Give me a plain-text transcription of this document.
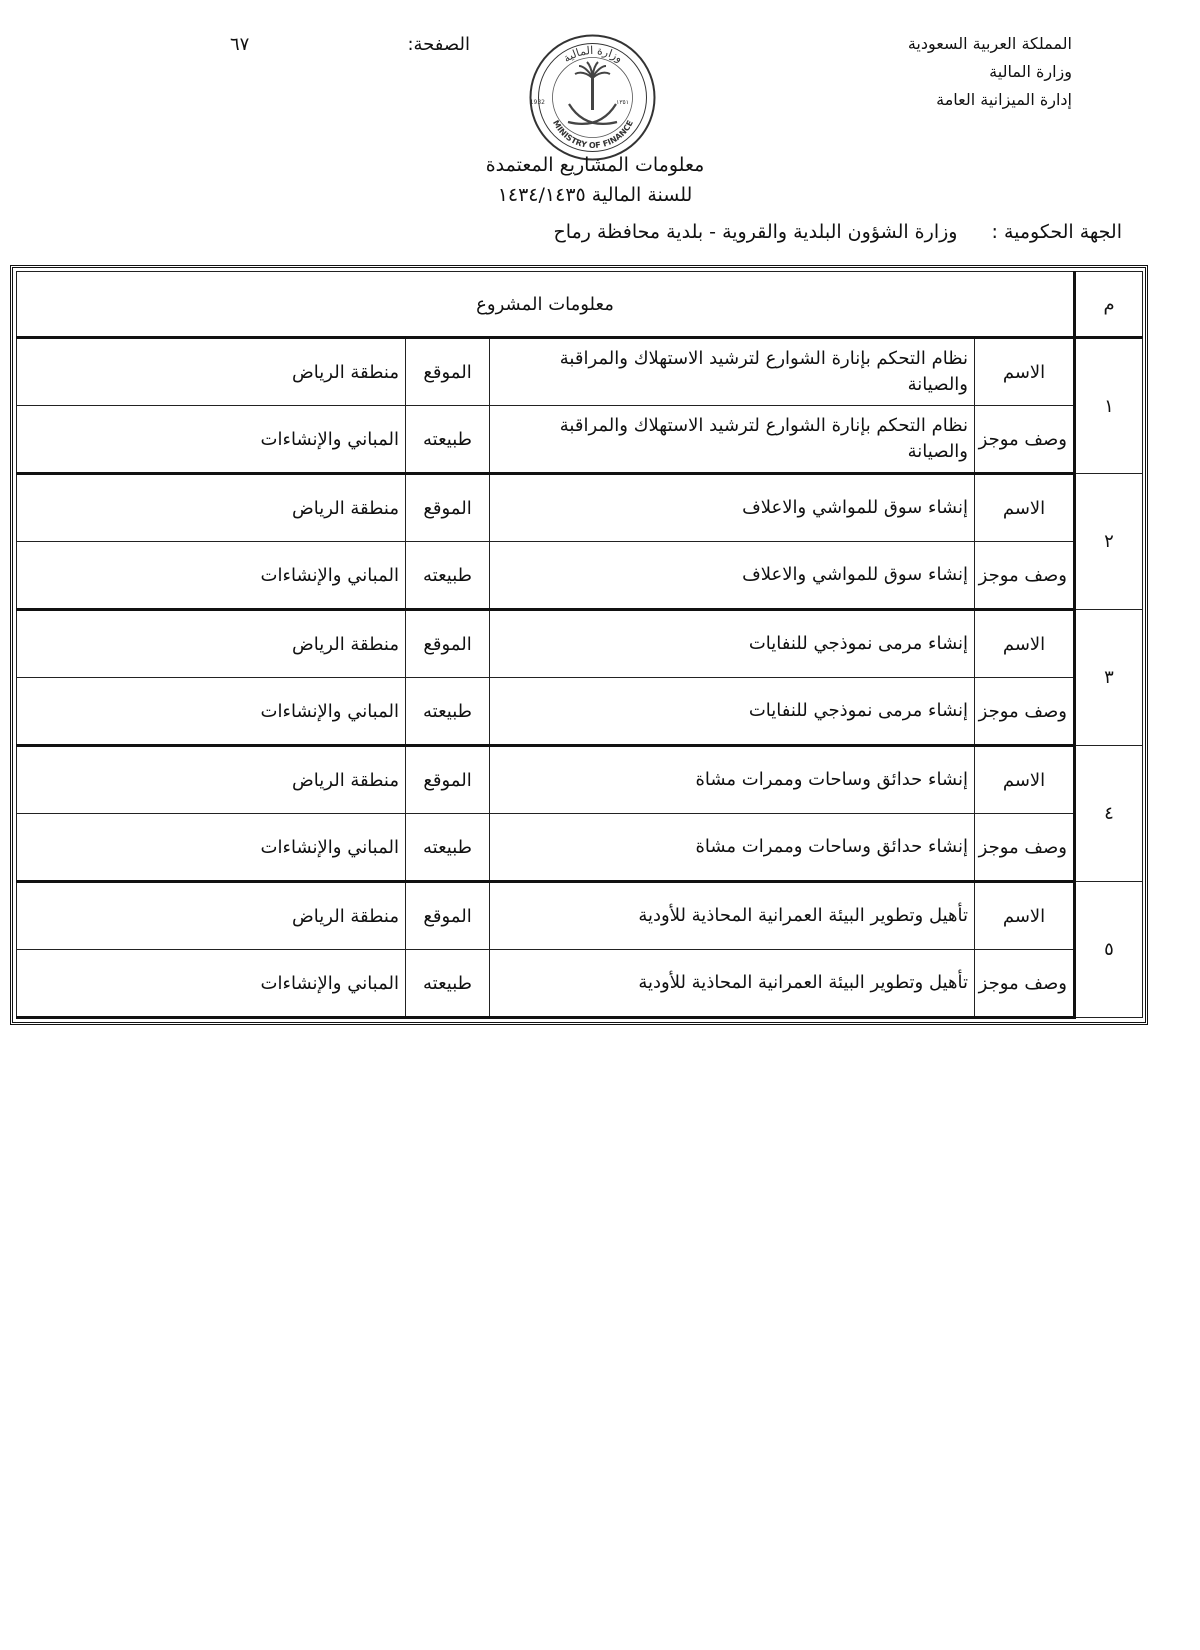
المملكة العربية السعودية
وزارة المالية
إدارة الميزانية العامة
الصفحة:
٦٧
وزارة المالية
MINISTRY OF FINANCE
1932	١٣٥١
معلومات المشاريع المعتمدة
للسنة المالية ١٤٣٤/١٤٣٥
الجهة الحكومية : وزارة الشؤون البلدية والقروية - بلدية محافظة رماح
م	معلومات المشروع			
١	الاسم	نظام التحكم بإنارة الشوارع لترشيد الاستهلاك والمراقبة والصيانة	الموقع	منطقة الرياض
	وصف موجز	نظام التحكم بإنارة الشوارع لترشيد الاستهلاك والمراقبة والصيانة	طبيعته	المباني والإنشاءات
٢	الاسم	إنشاء سوق للمواشي والاعلاف	الموقع	منطقة الرياض
	وصف موجز	إنشاء سوق للمواشي والاعلاف	طبيعته	المباني والإنشاءات
٣	الاسم	إنشاء مرمى نموذجي للنفايات	الموقع	منطقة الرياض
	وصف موجز	إنشاء مرمى نموذجي للنفايات	طبيعته	المباني والإنشاءات
٤	الاسم	إنشاء حدائق وساحات وممرات مشاة	الموقع	منطقة الرياض
	وصف موجز	إنشاء حدائق وساحات وممرات مشاة	طبيعته	المباني والإنشاءات
٥	الاسم	تأهيل وتطوير البيئة العمرانية المحاذية للأودية	الموقع	منطقة الرياض
	وصف موجز	تأهيل وتطوير البيئة العمرانية المحاذية للأودية	طبيعته	المباني والإنشاءات
